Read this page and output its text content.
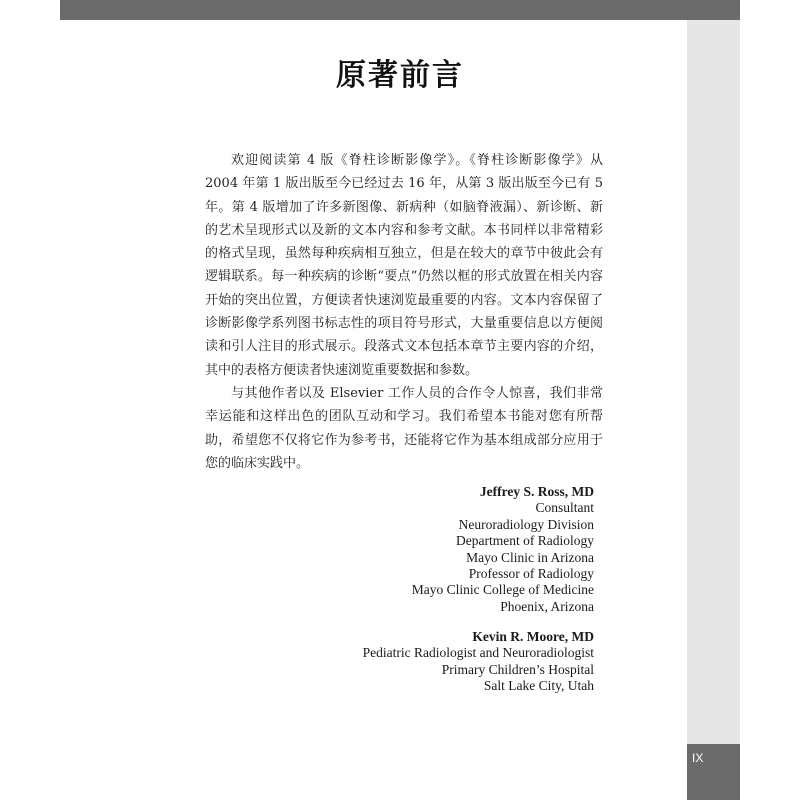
IX
原著前言

欢迎阅读第 4 版《脊柱诊断影像学》。《脊柱诊断影像学》从 2004 年第 1 版出版至今已经过去 16 年，从第 3 版出版至今已有 5 年。第 4 版增加了许多新图像、新病种（如脑脊液漏）、新诊断、新的艺术呈现形式以及新的文本内容和参考文献。本书同样以非常精彩的格式呈现，虽然每种疾病相互独立，但是在较大的章节中彼此会有逻辑联系。每一种疾病的诊断“要点”仍然以框的形式放置在相关内容开始的突出位置，方便读者快速浏览最重要的内容。文本内容保留了诊断影像学系列图书标志性的项目符号形式，大量重要信息以方便阅读和引人注目的形式展示。段落式文本包括本章节主要内容的介绍，其中的表格方便读者快速浏览重要数据和参数。

与其他作者以及 Elsevier 工作人员的合作令人惊喜，我们非常幸运能和这样出色的团队互动和学习。我们希望本书能对您有所帮助，希望您不仅将它作为参考书，还能将它作为基本组成部分应用于您的临床实践中。

Jeffrey S. Ross, MD
Consultant
Neuroradiology Division
Department of Radiology
Mayo Clinic in Arizona
Professor of Radiology
Mayo Clinic College of Medicine
Phoenix, Arizona
Kevin R. Moore, MD
Pediatric Radiologist and Neuroradiologist
Primary Children’s Hospital
Salt Lake City, Utah
